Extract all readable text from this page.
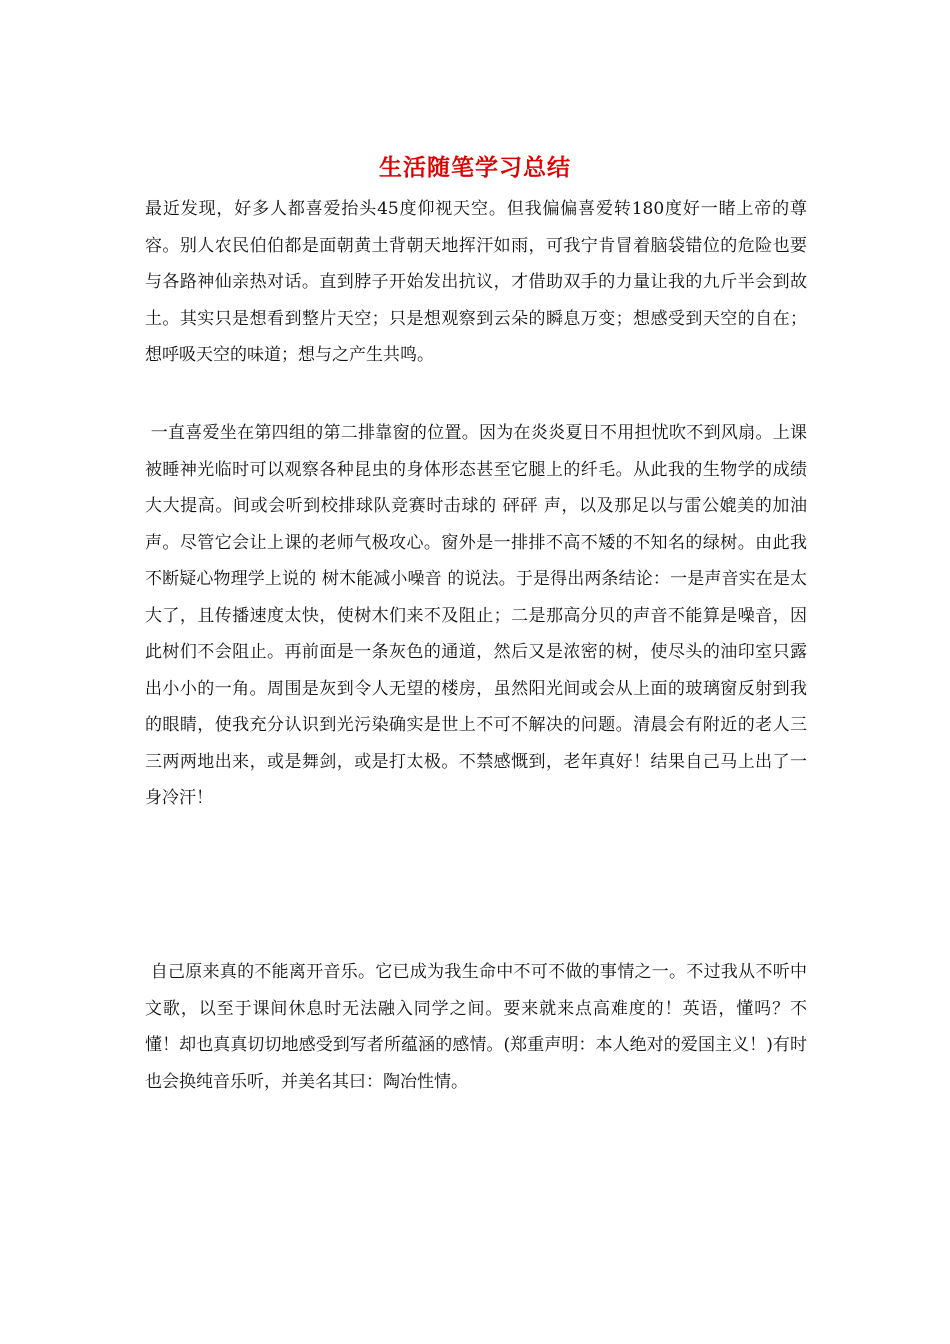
生活随笔学习总结

最近发现，好多人都喜爱抬头45度仰视天空。但我偏偏喜爱转180度好一睹上帝的尊容。别人农民伯伯都是面朝黄土背朝天地挥汗如雨，可我宁肯冒着脑袋错位的危险也要与各路神仙亲热对话。直到脖子开始发出抗议，才借助双手的力量让我的九斤半会到故土。其实只是想看到整片天空；只是想观察到云朵的瞬息万变；想感受到天空的自在；想呼吸天空的味道；想与之产生共鸣。

一直喜爱坐在第四组的第二排靠窗的位置。因为在炎炎夏日不用担忧吹不到风扇。上课被睡神光临时可以观察各种昆虫的身体形态甚至它腿上的纤毛。从此我的生物学的成绩大大提高。间或会听到校排球队竞赛时击球的 砰砰 声，以及那足以与雷公媲美的加油声。尽管它会让上课的老师气极攻心。窗外是一排排不高不矮的不知名的绿树。由此我不断疑心物理学上说的 树木能减小噪音 的说法。于是得出两条结论：一是声音实在是太大了，且传播速度太快，使树木们来不及阻止；二是那高分贝的声音不能算是噪音，因此树们不会阻止。再前面是一条灰色的通道，然后又是浓密的树，使尽头的油印室只露出小小的一角。周围是灰到令人无望的楼房，虽然阳光间或会从上面的玻璃窗反射到我的眼睛，使我充分认识到光污染确实是世上不可不解决的问题。清晨会有附近的老人三三两两地出来，或是舞剑，或是打太极。不禁感慨到，老年真好！结果自己马上出了一身冷汗！

自己原来真的不能离开音乐。它已成为我生命中不可不做的事情之一。不过我从不听中文歌，以至于课间休息时无法融入同学之间。要来就来点高难度的！英语，懂吗？不懂！却也真真切切地感受到写者所蕴涵的感情。(郑重声明：本人绝对的爱国主义！)有时也会换纯音乐听，并美名其曰：陶冶性情。
